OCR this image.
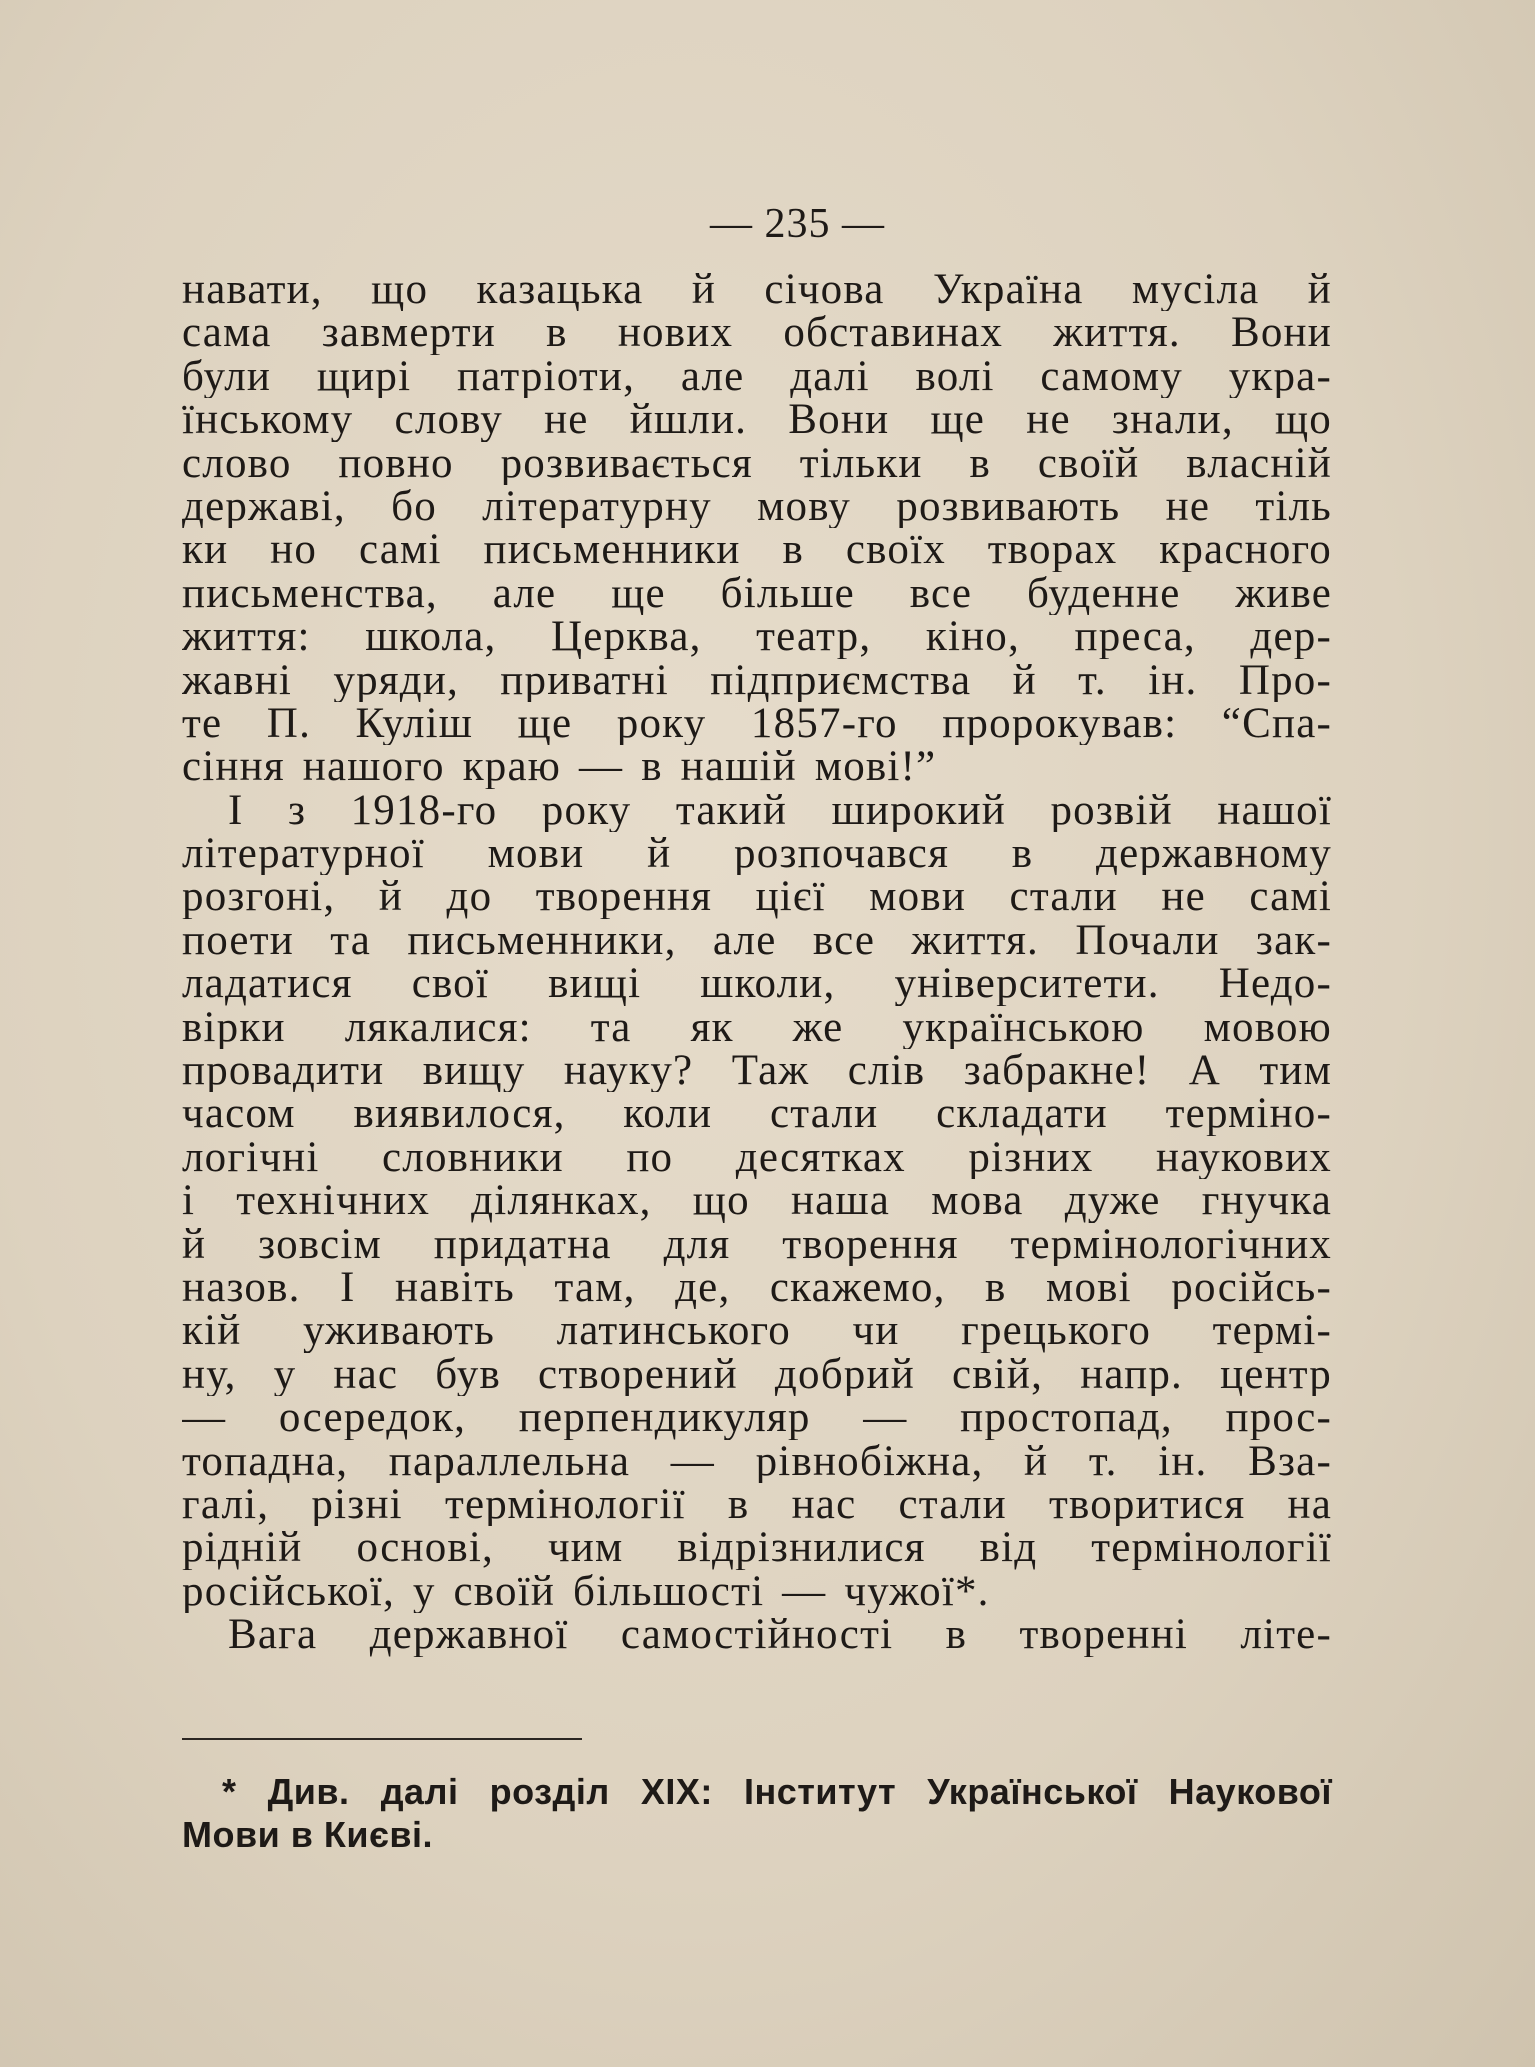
— 235 —
навати, що казацька й січова Україна мусіла й
сама завмерти в нових обставинах життя. Вони
були щирі патріоти, але далі волі самому укра-
їнському слову не йшли. Вони ще не знали, що
слово повно розвивається тільки в своїй власній
державі, бо літературну мову розвивають не тіль
ки но самі письменники в своїх творах красного
письменства, але ще більше все буденне живе
життя: школа, Церква, театр, кіно, преса, дер-
жавні уряди, приватні підприємства й т. ін. Про-
те П. Куліш ще року 1857-го пророкував: “Спа-
сіння нашого краю — в нашій мові!”
І з 1918-го року такий широкий розвій нашої
літературної мови й розпочався в державному
розгоні, й до творення цієї мови стали не самі
поети та письменники, але все життя. Почали зак-
ладатися свої вищі школи, університети. Недо-
вірки лякалися: та як же українською мовою
провадити вищу науку? Таж слів забракне! А тим
часом виявилося, коли стали складати терміно-
логічні словники по десятках різних наукових
і технічних ділянках, що наша мова дуже гнучка
й зовсім придатна для творення термінологічних
назов. І навіть там, де, скажемо, в мові російсь-
кій уживають латинського чи грецького термі-
ну, у нас був створений добрий свій, напр. центр
— осередок, перпендикуляр — простопад, прос-
топадна, параллельна — рівнобіжна, й т. ін. Вза-
галі, різні термінології в нас стали творитися на
рідній основі, чим відрізнилися від термінології
російської, у своїй більшості — чужої*.
Вага державної самостійності в творенні літе-
* Див. далі розділ XIX: Інститут Української Наукової
Мови в Києві.
